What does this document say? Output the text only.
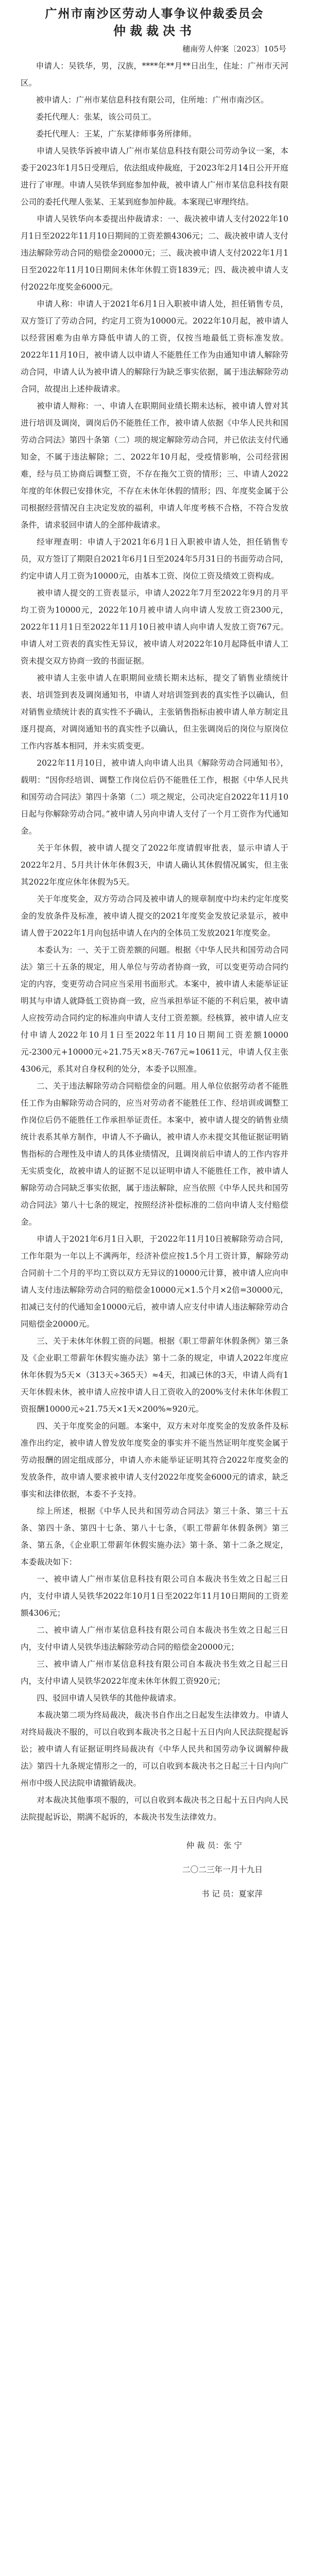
广州市南沙区劳动人事争议仲裁委员会
仲裁裁决书
穗南劳人仲案〔2023〕105号

申请人：吴铁华，男，汉族，****年**月**日出生，住址：广州市天河区。

被申请人：广州市某信息科技有限公司，住所地：广州市南沙区。

委托代理人：张某，该公司员工。

委托代理人：王某，广东某律师事务所律师。

申请人吴铁华诉被申请人广州市某信息科技有限公司劳动争议一案，本委于2023年1月5日受理后，依法组成仲裁庭，于2023年2月14日公开开庭进行了审理。申请人吴铁华到庭参加仲裁，被申请人广州市某信息科技有限公司的委托代理人张某、王某到庭参加仲裁。本案现已审理终结。

申请人吴铁华向本委提出仲裁请求：一、裁决被申请人支付2022年10月1日至2022年11月10日期间的工资差额4306元；二、裁决被申请人支付违法解除劳动合同的赔偿金20000元；三、裁决被申请人支付2022年1月1日至2022年11月10日期间未休年休假工资1839元；四、裁决被申请人支付2022年度奖金6000元。

申请人称：申请人于2021年6月1日入职被申请人处，担任销售专员，双方签订了劳动合同，约定月工资为10000元。2022年10月起，被申请人以经营困难为由单方降低申请人的工资，仅按当地最低工资标准发放。2022年11月10日，被申请人以申请人不能胜任工作为由通知申请人解除劳动合同，申请人认为被申请人的解除行为缺乏事实依据，属于违法解除劳动合同，故提出上述仲裁请求。

被申请人辩称：一、申请人在职期间业绩长期未达标，被申请人曾对其进行培训及调岗，调岗后仍不能胜任工作，被申请人依据《中华人民共和国劳动合同法》第四十条第（二）项的规定解除劳动合同，并已依法支付代通知金，不属于违法解除；二、2022年10月起，受疫情影响，公司经营困难，经与员工协商后调整工资，不存在拖欠工资的情形；三、申请人2022年度的年休假已安排休完，不存在未休年休假的情形；四、年度奖金属于公司根据经营情况自主决定发放的福利，申请人年度考核不合格，不符合发放条件，请求驳回申请人的全部仲裁请求。

经审理查明：申请人于2021年6月1日入职被申请人处，担任销售专员，双方签订了期限自2021年6月1日至2024年5月31日的书面劳动合同，约定申请人月工资为10000元，由基本工资、岗位工资及绩效工资构成。

被申请人提交的工资表显示，申请人2022年7月至2022年9月的月平均工资为10000元，2022年10月被申请人向申请人发放工资2300元，2022年11月1日至2022年11月10日被申请人向申请人发放工资767元。申请人对工资表的真实性无异议，被申请人对2022年10月起降低申请人工资未提交双方协商一致的书面证据。

被申请人主张申请人在职期间业绩长期未达标，提交了销售业绩统计表、培训签到表及调岗通知书，申请人对培训签到表的真实性予以确认，但对销售业绩统计表的真实性不予确认，主张销售指标由被申请人单方制定且逐月提高，对调岗通知书的真实性予以确认，但主张调岗后的岗位与原岗位工作内容基本相同，并未实质变更。

2022年11月10日，被申请人向申请人出具《解除劳动合同通知书》，载明：“因你经培训、调整工作岗位后仍不能胜任工作，根据《中华人民共和国劳动合同法》第四十条第（二）项之规定，公司决定自2022年11月10日起与你解除劳动合同。”被申请人另向申请人支付了一个月工资作为代通知金。

关于年休假，被申请人提交了2022年度请假审批表，显示申请人于2022年2月、5月共计休年休假3天，申请人确认其休假情况属实，但主张其2022年度应休年休假为5天。

关于年度奖金，双方劳动合同及被申请人的规章制度中均未约定年度奖金的发放条件及标准，被申请人提交的2021年度奖金发放记录显示，被申请人曾于2022年1月向包括申请人在内的全体员工发放2021年度奖金。

本委认为：一、关于工资差额的问题。根据《中华人民共和国劳动合同法》第三十五条的规定，用人单位与劳动者协商一致，可以变更劳动合同约定的内容，变更劳动合同应当采用书面形式。本案中，被申请人未能举证证明其与申请人就降低工资协商一致，应当承担举证不能的不利后果，被申请人应按劳动合同约定的标准向申请人支付工资差额。经核算，被申请人应支付申请人2022年10月1日至2022年11月10日期间工资差额10000元-2300元+10000元÷21.75天×8天-767元≈10611元，申请人仅主张4306元，系其对自身权利的处分，本委予以照准。

二、关于违法解除劳动合同赔偿金的问题。用人单位依据劳动者不能胜任工作为由解除劳动合同的，应当对劳动者不能胜任工作、经培训或调整工作岗位后仍不能胜任工作承担举证责任。本案中，被申请人提交的销售业绩统计表系其单方制作，申请人不予确认，被申请人亦未提交其他证据证明销售指标的合理性及申请人的具体业绩情况，且调岗前后申请人的工作内容并无实质变化，故被申请人的证据不足以证明申请人不能胜任工作，被申请人解除劳动合同缺乏事实依据，属于违法解除，应当依照《中华人民共和国劳动合同法》第八十七条的规定，按照经济补偿标准的二倍向申请人支付赔偿金。

申请人于2021年6月1日入职，于2022年11月10日被解除劳动合同，工作年限为一年以上不满两年，经济补偿应按1.5个月工资计算，解除劳动合同前十二个月的平均工资以双方无异议的10000元计算，被申请人应向申请人支付违法解除劳动合同的赔偿金10000元×1.5个月×2倍=30000元，扣减已支付的代通知金10000元后，被申请人应支付申请人违法解除劳动合同赔偿金20000元。

三、关于未休年休假工资的问题。根据《职工带薪年休假条例》第三条及《企业职工带薪年休假实施办法》第十二条的规定，申请人2022年度应休年休假为5天×（313天÷365天）≈4天，扣减已休的3天，申请人尚有1天年休假未休，被申请人应按申请人日工资收入的200%支付未休年休假工资报酬10000元÷21.75天×1天×200%≈920元。

四、关于年度奖金的问题。本案中，双方未对年度奖金的发放条件及标准作出约定，被申请人曾发放年度奖金的事实并不能当然证明年度奖金属于劳动报酬的固定组成部分，申请人亦未能举证证明其符合2022年度奖金的发放条件，故申请人要求被申请人支付2022年度奖金6000元的请求，缺乏事实和法律依据，本委不予支持。

综上所述，根据《中华人民共和国劳动合同法》第三十条、第三十五条、第四十条、第四十七条、第八十七条，《职工带薪年休假条例》第三条、第五条，《企业职工带薪年休假实施办法》第十条、第十二条之规定，本委裁决如下：

一、被申请人广州市某信息科技有限公司自本裁决书生效之日起三日内，支付申请人吴铁华2022年10月1日至2022年11月10日期间的工资差额4306元；

二、被申请人广州市某信息科技有限公司自本裁决书生效之日起三日内，支付申请人吴铁华违法解除劳动合同的赔偿金20000元；

三、被申请人广州市某信息科技有限公司自本裁决书生效之日起三日内，支付申请人吴铁华2022年度未休年休假工资920元；

四、驳回申请人吴铁华的其他仲裁请求。

本裁决第二项为终局裁决，裁决书自作出之日起发生法律效力。申请人对终局裁决不服的，可以自收到本裁决书之日起十五日内向人民法院提起诉讼；被申请人有证据证明终局裁决有《中华人民共和国劳动争议调解仲裁法》第四十九条规定情形之一的，可以自收到本裁决书之日起三十日内向广州市中级人民法院申请撤销裁决。

对本裁决其他事项不服的，可以自收到本裁决书之日起十五日内向人民法院提起诉讼，期满不起诉的，本裁决书发生法律效力。

仲 裁 员：张 宁

二〇二三年一月十九日

书 记 员：夏家萍
